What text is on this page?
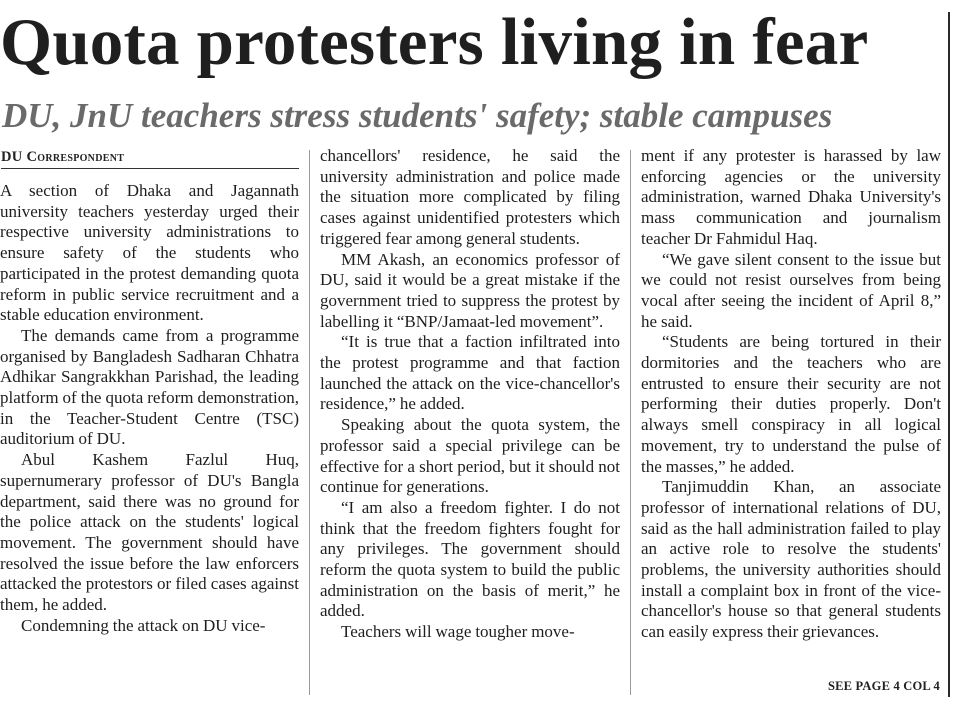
Quota protesters living in fear
DU, JnU teachers stress students' safety; stable campuses
DU Correspondent

A section of Dhaka and Jagannath university teachers yesterday urged their respective university administrations to ensure safety of the students who participated in the protest demanding quota reform in public service recruitment and a stable education environment.

The demands came from a programme organised by Bangladesh Sadharan Chhatra Adhikar Sangrakkhan Parishad, the leading platform of the quota reform demonstration, in the Teacher-Student Centre (TSC) auditorium of DU.

Abul Kashem Fazlul Huq, supernumerary professor of DU's Bangla department, said there was no ground for the police attack on the students' logical movement. The government should have resolved the issue before the law enforcers attacked the protestors or filed cases against them, he added.

Condemning the attack on DU vice-

chancellors' residence, he said the university administration and police made the situation more complicated by filing cases against unidentified protesters which triggered fear among general students.

MM Akash, an economics professor of DU, said it would be a great mistake if the government tried to suppress the protest by labelling it “BNP/Jamaat-led movement”.

“It is true that a faction infiltrated into the protest programme and that faction launched the attack on the vice-chancellor's residence,” he added.

Speaking about the quota system, the professor said a special privilege can be effective for a short period, but it should not continue for generations.

“I am also a freedom fighter. I do not think that the freedom fighters fought for any privileges. The government should reform the quota system to build the public administration on the basis of merit,” he added.

Teachers will wage tougher move-

ment if any protester is harassed by law enforcing agencies or the university administration, warned Dhaka University's mass communication and journalism teacher Dr Fahmidul Haq.

“We gave silent consent to the issue but we could not resist ourselves from being vocal after seeing the incident of April 8,” he said.

“Students are being tortured in their dormitories and the teachers who are entrusted to ensure their security are not performing their duties properly. Don't always smell conspiracy in all logical movement, try to understand the pulse of the masses,” he added.

Tanjimuddin Khan, an associate professor of international relations of DU, said as the hall administration failed to play an active role to resolve the students' problems, the university authorities should install a complaint box in front of the vice-chancellor's house so that general students can easily express their grievances.

SEE PAGE 4 COL 4
